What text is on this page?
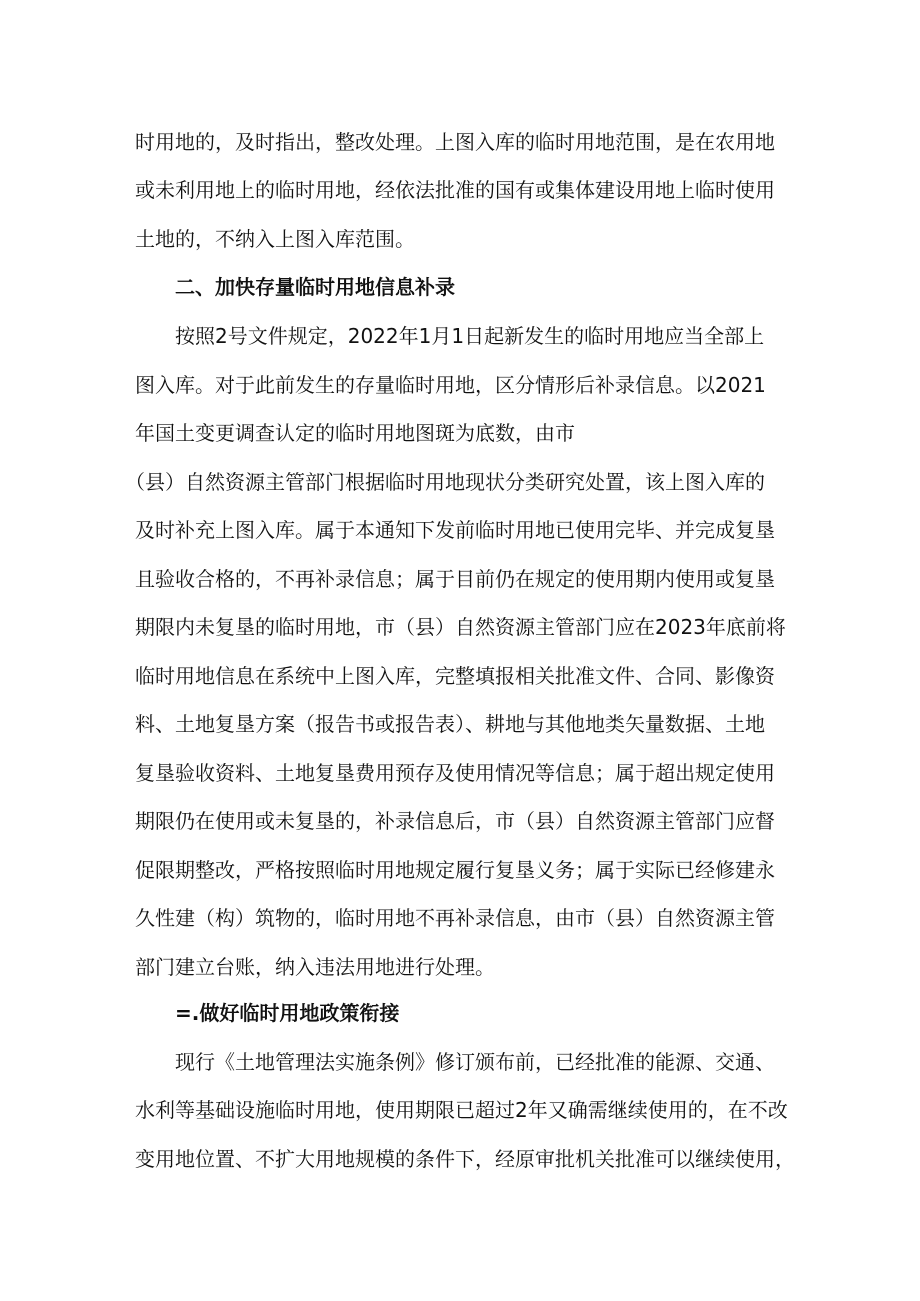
时用地的，及时指出，整改处理。上图入库的临时用地范围，是在农用地
或未利用地上的临时用地，经依法批准的国有或集体建设用地上临时使用
土地的，不纳入上图入库范围。
二、加快存量临时用地信息补录
按照2号文件规定，2022年1月1日起新发生的临时用地应当全部上
图入库。对于此前发生的存量临时用地，区分情形后补录信息。以2021
年国土变更调查认定的临时用地图斑为底数，由市
（县）自然资源主管部门根据临时用地现状分类研究处置，该上图入库的
及时补充上图入库。属于本通知下发前临时用地已使用完毕、并完成复垦
且验收合格的，不再补录信息；属于目前仍在规定的使用期内使用或复垦
期限内未复垦的临时用地，市（县）自然资源主管部门应在2023年底前将
临时用地信息在系统中上图入库，完整填报相关批准文件、合同、影像资
料、土地复垦方案（报告书或报告表）、耕地与其他地类矢量数据、土地
复垦验收资料、土地复垦费用预存及使用情况等信息；属于超出规定使用
期限仍在使用或未复垦的，补录信息后，市（县）自然资源主管部门应督
促限期整改，严格按照临时用地规定履行复垦义务；属于实际已经修建永
久性建（构）筑物的，临时用地不再补录信息，由市（县）自然资源主管
部门建立台账，纳入违法用地进行处理。
=.做好临时用地政策衔接
现行《土地管理法实施条例》修订颁布前，已经批准的能源、交通、
水利等基础设施临时用地，使用期限已超过2年又确需继续使用的，在不改
变用地位置、不扩大用地规模的条件下，经原审批机关批准可以继续使用，
